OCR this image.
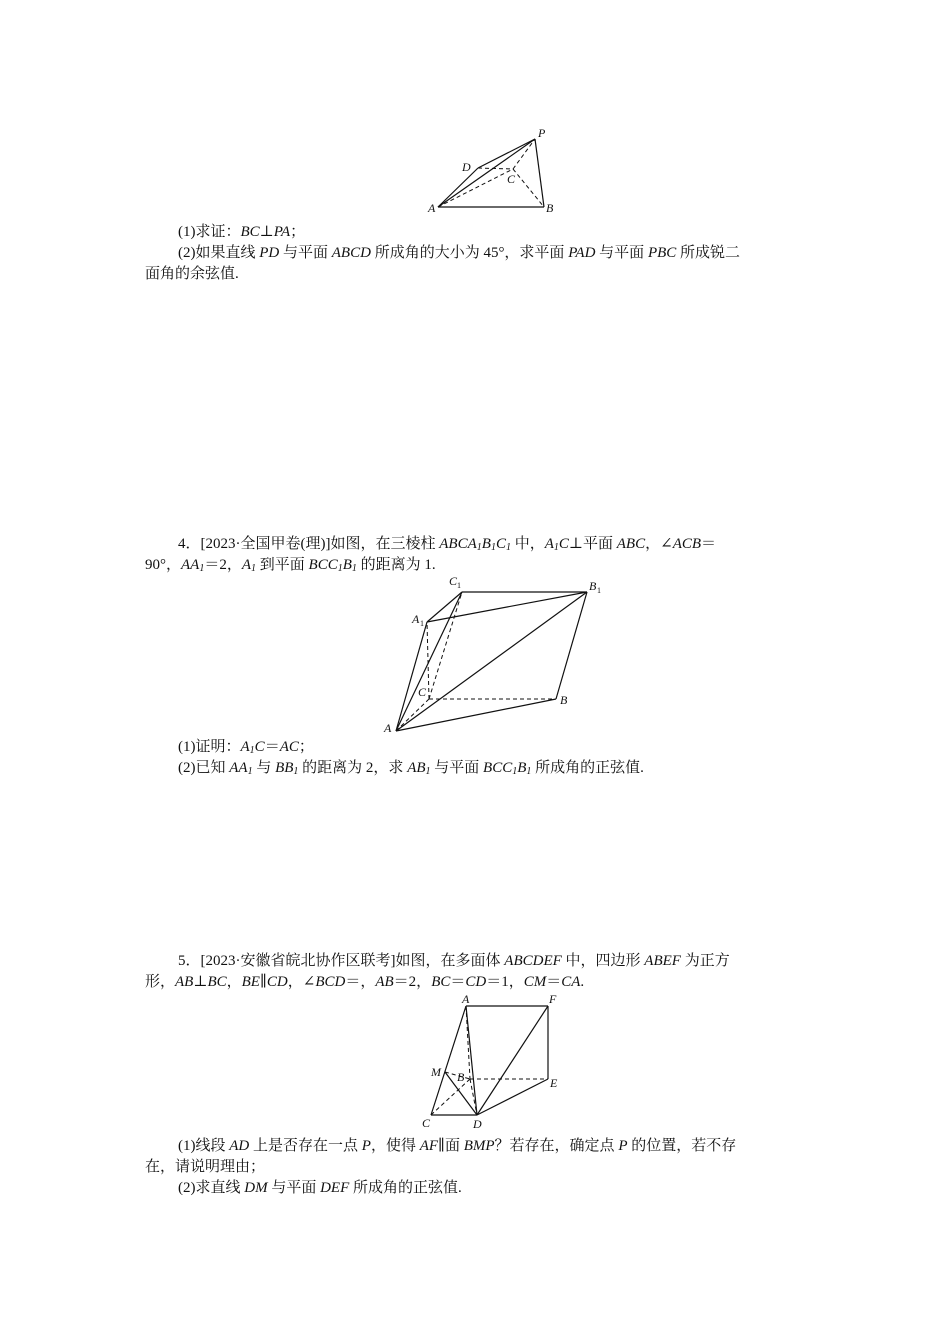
P
D
C
A	B
(1)求证：BC⊥PA；
(2)如果直线 PD 与平面 ABCD 所成角的大小为 45°，求平面 PAD 与平面 PBC 所成锐二
面角的余弦值.
4．[2023·全国甲卷(理)]如图，在三棱柱 $ABCA_1B_1C_1$ 中，$A_1C\perp$平面 ABC，∠ACB＝
90°，$AA_1=2$，$A_1$ 到平面 $BCC_1B_1$ 的距离为 1.
C 1	B 1
A 1
C
A
B
(1)证明：$A_1C=AC$；
(2)已知 $AA_1$ 与 $BB_1$ 的距离为 2，求 $AB_1$ 与平面 $BCC_1B_1$ 所成角的正弦值.
5．[2023·安徽省皖北协作区联考]如图，在多面体 ABCDEF 中，四边形 ABEF 为正方
形，AB⊥BC，BE∥CD，∠BCD＝，AB＝2，BC＝CD＝1，CM＝CA.
A	F
M B	E
C	D
(1)线段 AD 上是否存在一点 P，使得 AF∥面 BMP？若存在，确定点 P 的位置，若不存
在，请说明理由；
(2)求直线 DM 与平面 DEF 所成角的正弦值.
